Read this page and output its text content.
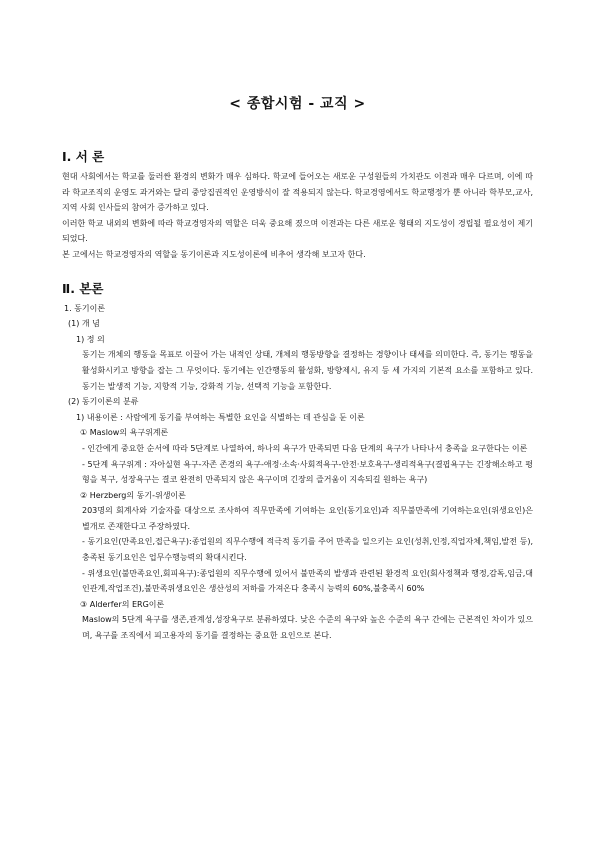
< 종합시험 - 교직 >
Ⅰ. 서 론

현대 사회에서는 학교를 둘러싼 환경의 변화가 매우 심하다. 학교에 들어오는 새로운 구성원들의 가치관도 이전과 매우 다르며, 이에 따라 학교조직의 운영도 과거와는 달리 중앙집권적인 운영방식이 잘 적용되지 않는다. 학교경영에서도 학교행정가 뿐 아니라 학부모,교사, 지역 사회 인사들의 참여가 증가하고 있다.

이러한 학교 내외의 변화에 따라 학교경영자의 역할은 더욱 중요해 졌으며 이전과는 다른 새로운 형태의 지도성이 경립될 필요성이 제기되었다.

본 고에서는 학교경영자의 역할을 동기이론과 지도성이론에 비추어 생각해 보고자 한다.

Ⅱ. 본론

1. 동기이론

(1) 개 념

1) 정 의

동기는 개체의 행동을 목표로 이끌어 가는 내적인 상태, 개체의 행동방향을 결정하는 경향이나 태세를 의미한다. 즉, 동기는 행동을 활성화시키고 방향을 잡는 그 무엇이다. 동기에는 인간행동의 활성화, 방향제시, 유지 등 세 가지의 기본적 요소를 포함하고 있다. 동기는 발생적 기능, 지향적 기능, 강화적 기능, 선택적 기능을 포함한다.

(2) 동기이론의 분류

1) 내용이론 : 사람에게 동기를 부여하는 특별한 요인을 식별하는 데 관심을 둔 이론

① Maslow의 욕구위계론

- 인간에게 중요한 순서에 따라 5단계로 나열하여, 하나의 욕구가 만족되면 다음 단계의 욕구가 나타나서 충족을 요구한다는 이론

- 5단계 욕구위계 : 자아실현 욕구-자존 존경의 욕구-애정·소속·사회적욕구-안전·보호욕구-생리적욕구(결핍욕구는 긴장해소하고 평형을 복구, 성장욕구는 결코 완전히 만족되지 않은 욕구이며 긴장의 즐거움이 지속되길 원하는 욕구)

② Herzberg의 동기-위생이론

203명의 회계사와 기술자를 대상으로 조사하여 직무만족에 기여하는 요인(동기요인)과 직무불만족에 기여하는요인(위생요인)은 별개로 존재한다고 주장하였다.

- 동기요인(만족요인,접근욕구):종업원의 직무수행에 적극적 동기를 주어 만족을 일으키는 요인(성취,인정,직업자체,책임,발전 등),충족된 동기요인은 업무수행능력의 확대시킨다.

- 위생요인(불만족요인,회피욕구):종업원의 직무수행에 있어서 불만족의 발생과 관련된 환경적 요인(회사정책과 행정,감독,임금,대인관계,작업조건),불만족위생요인은 생산성의 저하를 가져온다 충족시 능력의 60%,불충족시 60%

③ Alderfer의 ERG이론

Maslow의 5단계 욕구를 생존,관계성,성장욕구로 분류하였다. 낮은 수준의 욕구와 높은 수준의 욕구 간에는 근본적인 차이가 있으며, 욕구를 조직에서 피고용자의 동기를 결정하는 중요한 요인으로 본다.
